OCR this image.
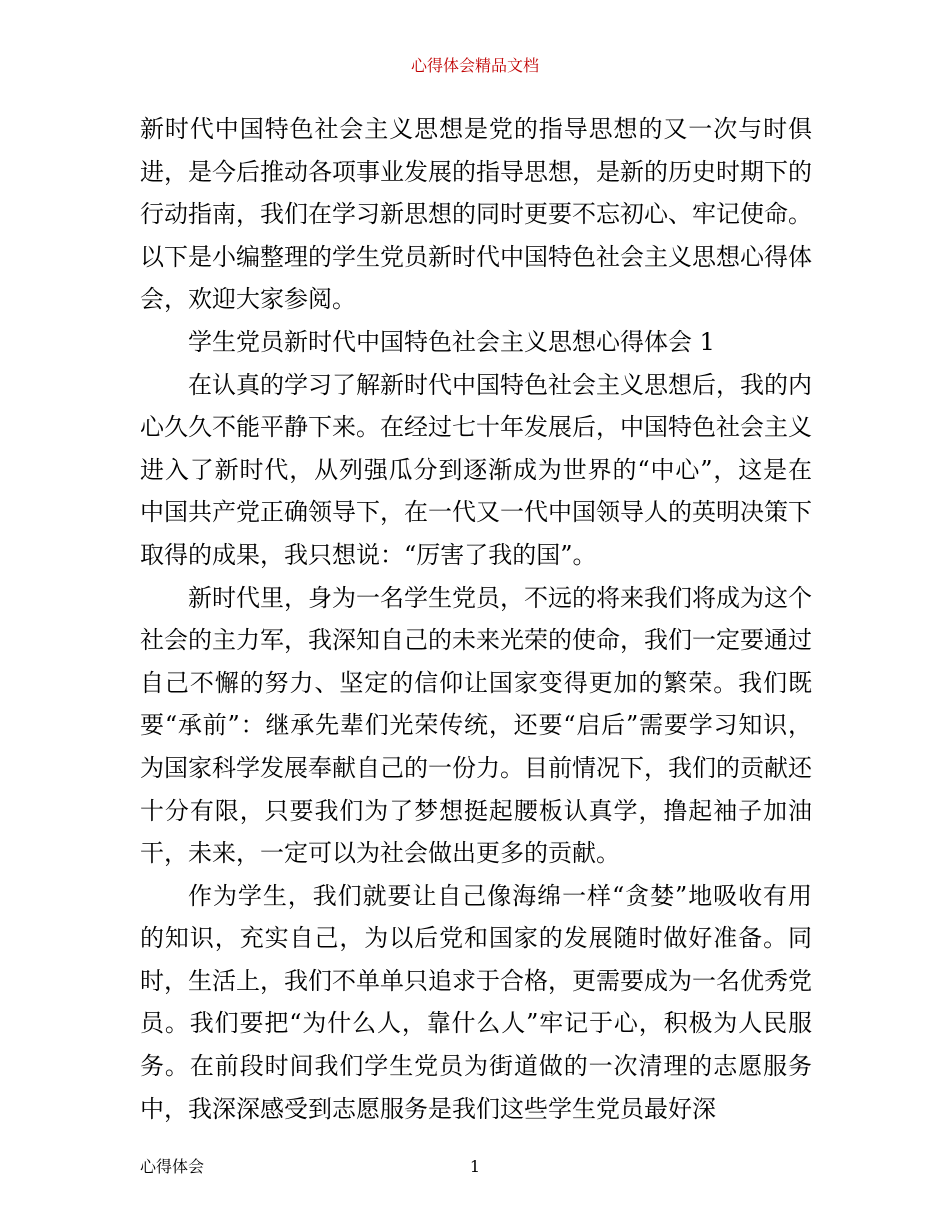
心得体会精品文档

新时代中国特色社会主义思想是党的指导思想的又一次与时俱进，是今后推动各项事业发展的指导思想，是新的历史时期下的行动指南，我们在学习新思想的同时更要不忘初心、牢记使命。以下是小编整理的学生党员新时代中国特色社会主义思想心得体会，欢迎大家参阅。

学生党员新时代中国特色社会主义思想心得体会 1

在认真的学习了解新时代中国特色社会主义思想后，我的内心久久不能平静下来。在经过七十年发展后，中国特色社会主义进入了新时代，从列强瓜分到逐渐成为世界的“中心”，这是在中国共产党正确领导下，在一代又一代中国领导人的英明决策下取得的成果，我只想说：“厉害了我的国”。

新时代里，身为一名学生党员，不远的将来我们将成为这个社会的主力军，我深知自己的未来光荣的使命，我们一定要通过自己不懈的努力、坚定的信仰让国家变得更加的繁荣。我们既要“承前”：继承先辈们光荣传统，还要“启后”需要学习知识，为国家科学发展奉献自己的一份力。目前情况下，我们的贡献还十分有限，只要我们为了梦想挺起腰板认真学，撸起袖子加油干，未来，一定可以为社会做出更多的贡献。

作为学生，我们就要让自己像海绵一样“贪婪”地吸收有用的知识，充实自己，为以后党和国家的发展随时做好准备。同时，生活上，我们不单单只追求于合格，更需要成为一名优秀党员。我们要把“为什么人，靠什么人”牢记于心，积极为人民服务。在前段时间我们学生党员为街道做的一次清理的志愿服务中，我深深感受到志愿服务是我们这些学生党员最好深

心得体会	1
